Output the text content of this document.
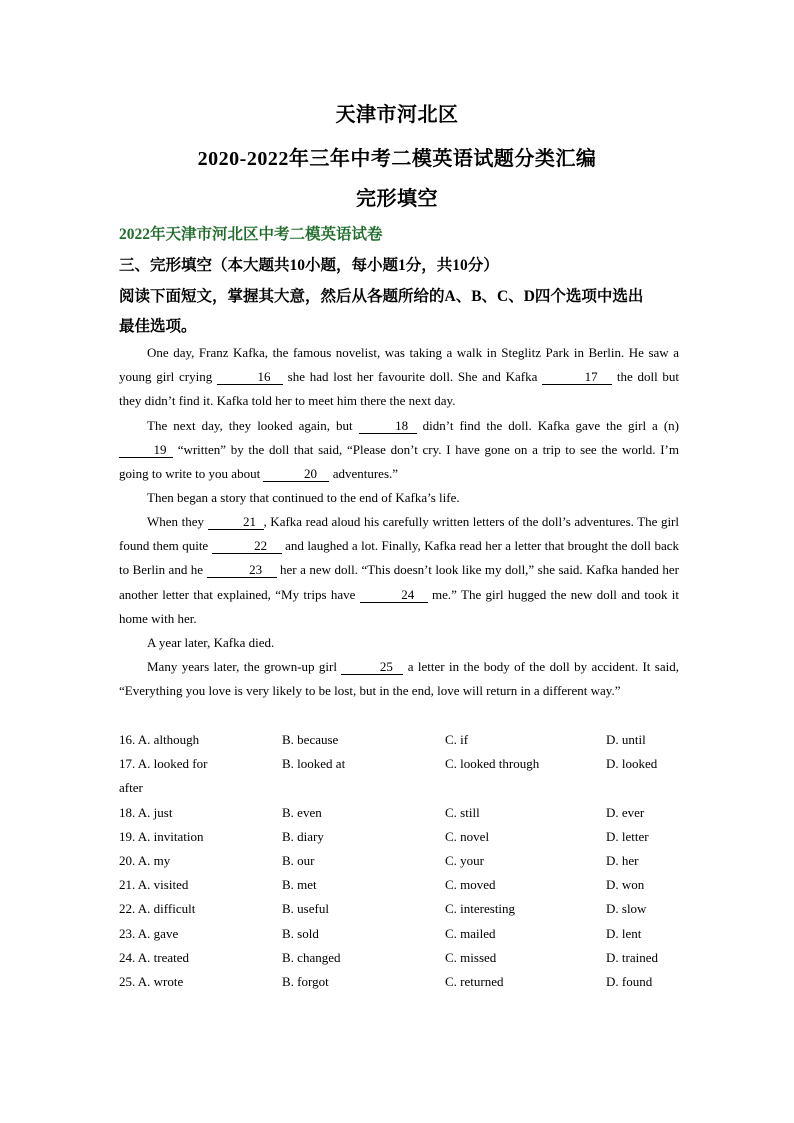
天津市河北区
2020-2022年三年中考二模英语试题分类汇编
完形填空
2022年天津市河北区中考二模英语试卷
三、完形填空（本大题共10小题，每小题1分，共10分）
阅读下面短文，掌握其大意，然后从各题所给的A、B、C、D四个选项中选出
最佳选项。
One day, Franz Kafka, the famous novelist, was taking a walk in Steglitz Park in Berlin. He saw a young girl crying	16 she had lost her favourite doll. She and Kafka	17 the doll but they didn’t find it. Kafka told her to meet him there the next day.
The next day, they looked again, but	18 didn’t find the doll. Kafka gave the girl a (n) 19 “written” by the doll that said, “Please don’t cry. I have gone on a trip to see the world. I’m going to write to you about	20 adventures.”
Then began a story that continued to the end of Kafka’s life.
When they	21 , Kafka read aloud his carefully written letters of the doll’s adventures. The girl found them quite	22 and laughed a lot. Finally, Kafka read her a letter that brought the doll back to Berlin and he	23 her a new doll. “This doesn’t look like my doll,” she said. Kafka handed her another letter that explained, “My trips have	24 me.” The girl hugged the new doll and took it home with her.
A year later, Kafka died.
Many years later, the grown-up girl	25 a letter in the body of the doll by accident. It said, “Everything you love is very likely to be lost, but in the end, love will return in a different way.”
16. A. although	B. because	C. if	D. until
17. A. looked for	B. looked at	C. looked through	D. looked
after
18. A. just	B. even	C. still	D. ever
19. A. invitation	B. diary	C. novel	D. letter
20. A. my	B. our	C. your	D. her
21. A. visited	B. met	C. moved	D. won
22. A. difficult	B. useful	C. interesting	D. slow
23. A. gave	B. sold	C. mailed	D. lent
24. A. treated	B. changed	C. missed	D. trained
25. A. wrote	B. forgot	C. returned	D. found
